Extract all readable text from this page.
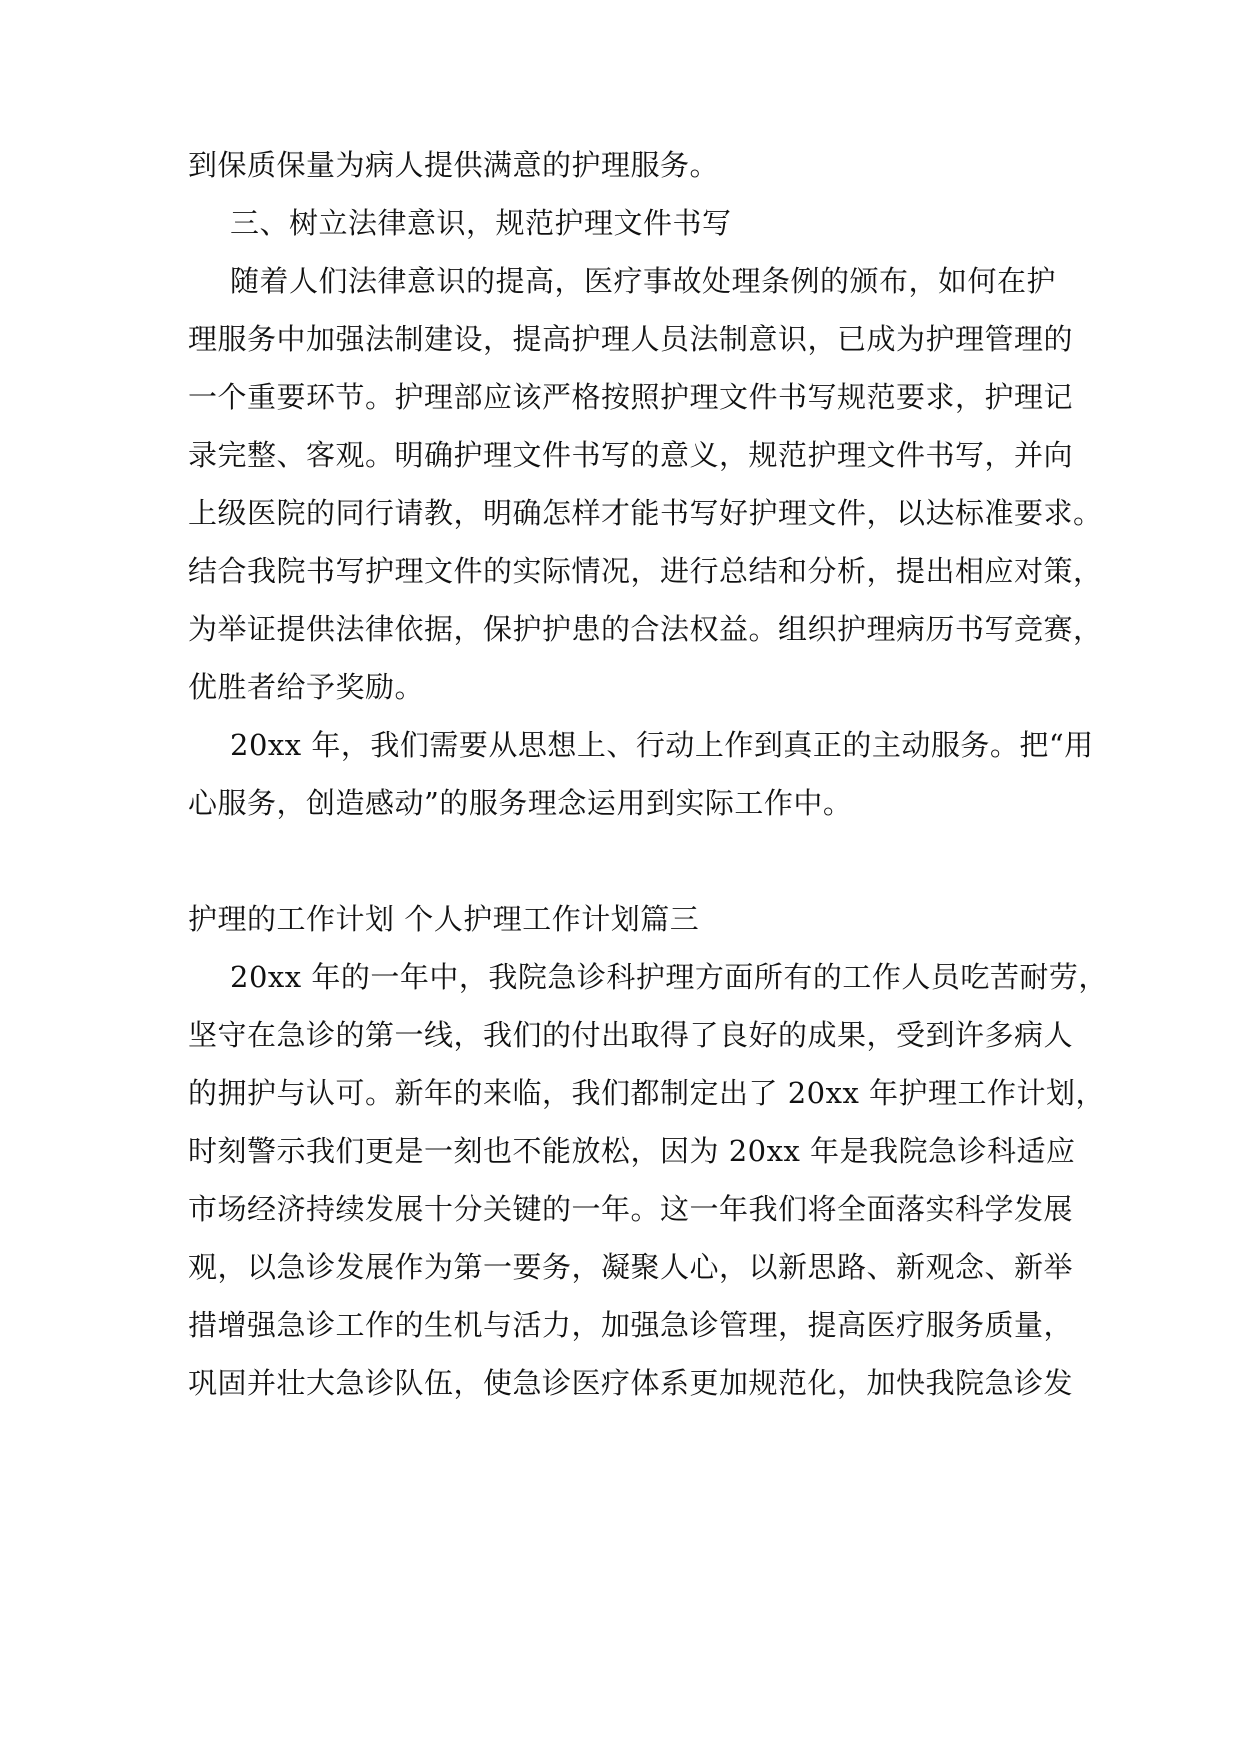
到保质保量为病人提供满意的护理服务。
三、树立法律意识，规范护理文件书写
随着人们法律意识的提高，医疗事故处理条例的颁布，如何在护
理服务中加强法制建设，提高护理人员法制意识，已成为护理管理的
一个重要环节。护理部应该严格按照护理文件书写规范要求，护理记
录完整、客观。明确护理文件书写的意义，规范护理文件书写，并向
上级医院的同行请教，明确怎样才能书写好护理文件，以达标准要求。
结合我院书写护理文件的实际情况，进行总结和分析，提出相应对策，
为举证提供法律依据，保护护患的合法权益。组织护理病历书写竞赛，
优胜者给予奖励。
20xx 年，我们需要从思想上、行动上作到真正的主动服务。把“用
心服务，创造感动”的服务理念运用到实际工作中。
护理的工作计划 个人护理工作计划篇三
20xx 年的一年中，我院急诊科护理方面所有的工作人员吃苦耐劳，
坚守在急诊的第一线，我们的付出取得了良好的成果，受到许多病人
的拥护与认可。新年的来临，我们都制定出了 20xx 年护理工作计划，
时刻警示我们更是一刻也不能放松，因为 20xx 年是我院急诊科适应
市场经济持续发展十分关键的一年。这一年我们将全面落实科学发展
观，以急诊发展作为第一要务，凝聚人心，以新思路、新观念、新举
措增强急诊工作的生机与活力，加强急诊管理，提高医疗服务质量，
巩固并壮大急诊队伍，使急诊医疗体系更加规范化，加快我院急诊发
